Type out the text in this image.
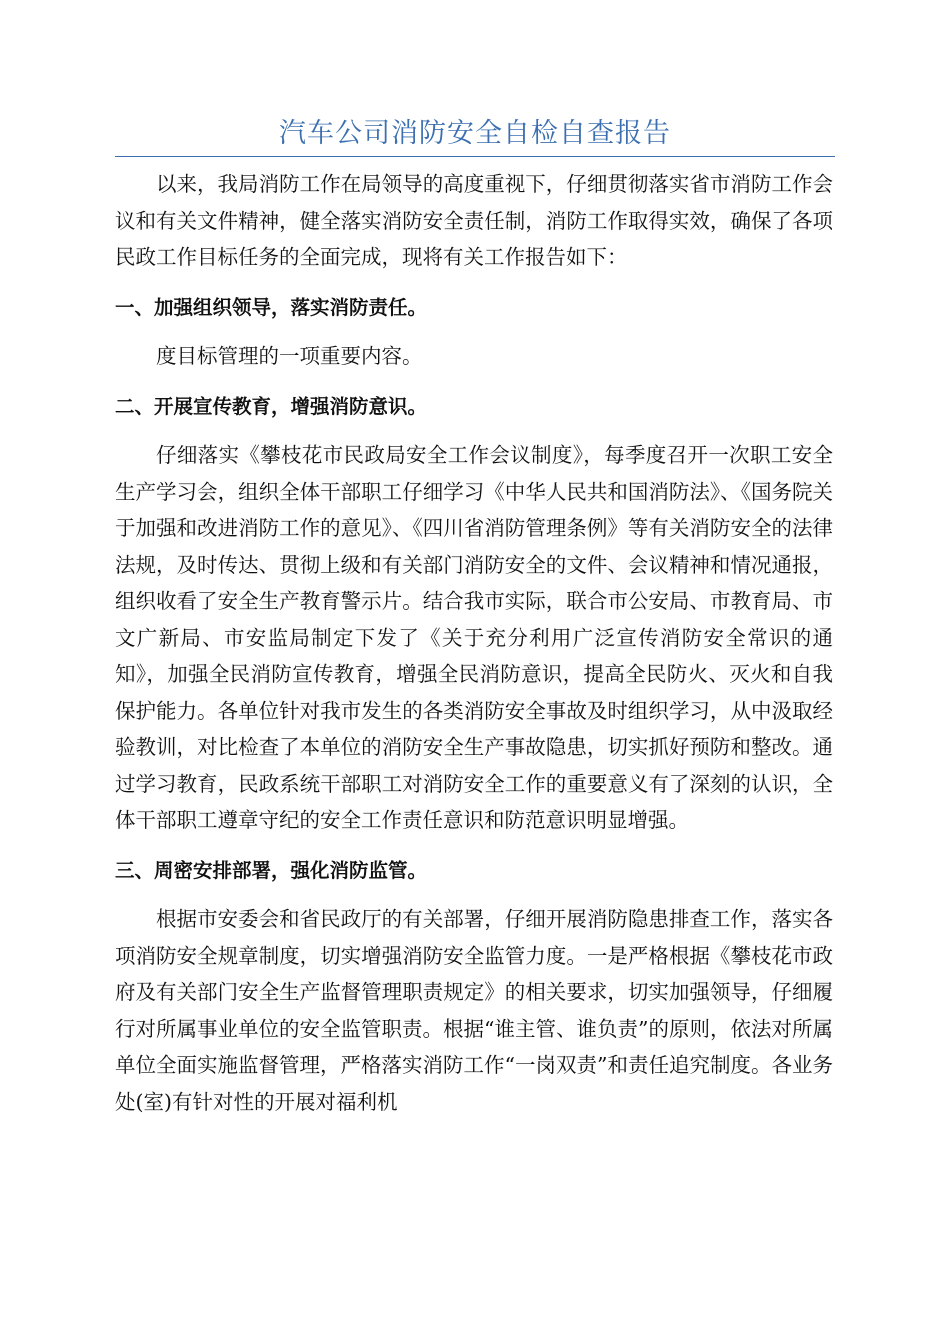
汽车公司消防安全自检自查报告

以来，我局消防工作在局领导的高度重视下，仔细贯彻落实省市消防工作会议和有关文件精神，健全落实消防安全责任制，消防工作取得实效，确保了各项民政工作目标任务的全面完成，现将有关工作报告如下：

一、加强组织领导，落实消防责任。

度目标管理的一项重要内容。

二、开展宣传教育，增强消防意识。

仔细落实《攀枝花市民政局安全工作会议制度》，每季度召开一次职工安全生产学习会，组织全体干部职工仔细学习《中华人民共和国消防法》、《国务院关于加强和改进消防工作的意见》、《四川省消防管理条例》等有关消防安全的法律法规，及时传达、贯彻上级和有关部门消防安全的文件、会议精神和情况通报，组织收看了安全生产教育警示片。结合我市实际，联合市公安局、市教育局、市文广新局、市安监局制定下发了《关于充分利用广泛宣传消防安全常识的通知》，加强全民消防宣传教育，增强全民消防意识，提高全民防火、灭火和自我保护能力。各单位针对我市发生的各类消防安全事故及时组织学习，从中汲取经验教训，对比检查了本单位的消防安全生产事故隐患，切实抓好预防和整改。通过学习教育，民政系统干部职工对消防安全工作的重要意义有了深刻的认识，全体干部职工遵章守纪的安全工作责任意识和防范意识明显增强。

三、周密安排部署，强化消防监管。

根据市安委会和省民政厅的有关部署，仔细开展消防隐患排查工作，落实各项消防安全规章制度，切实增强消防安全监管力度。一是严格根据《攀枝花市政府及有关部门安全生产监督管理职责规定》的相关要求，切实加强领导，仔细履行对所属事业单位的安全监管职责。根据“谁主管、谁负责”的原则，依法对所属单位全面实施监督管理，严格落实消防工作“一岗双责”和责任追究制度。各业务处(室)有针对性的开展对福利机
